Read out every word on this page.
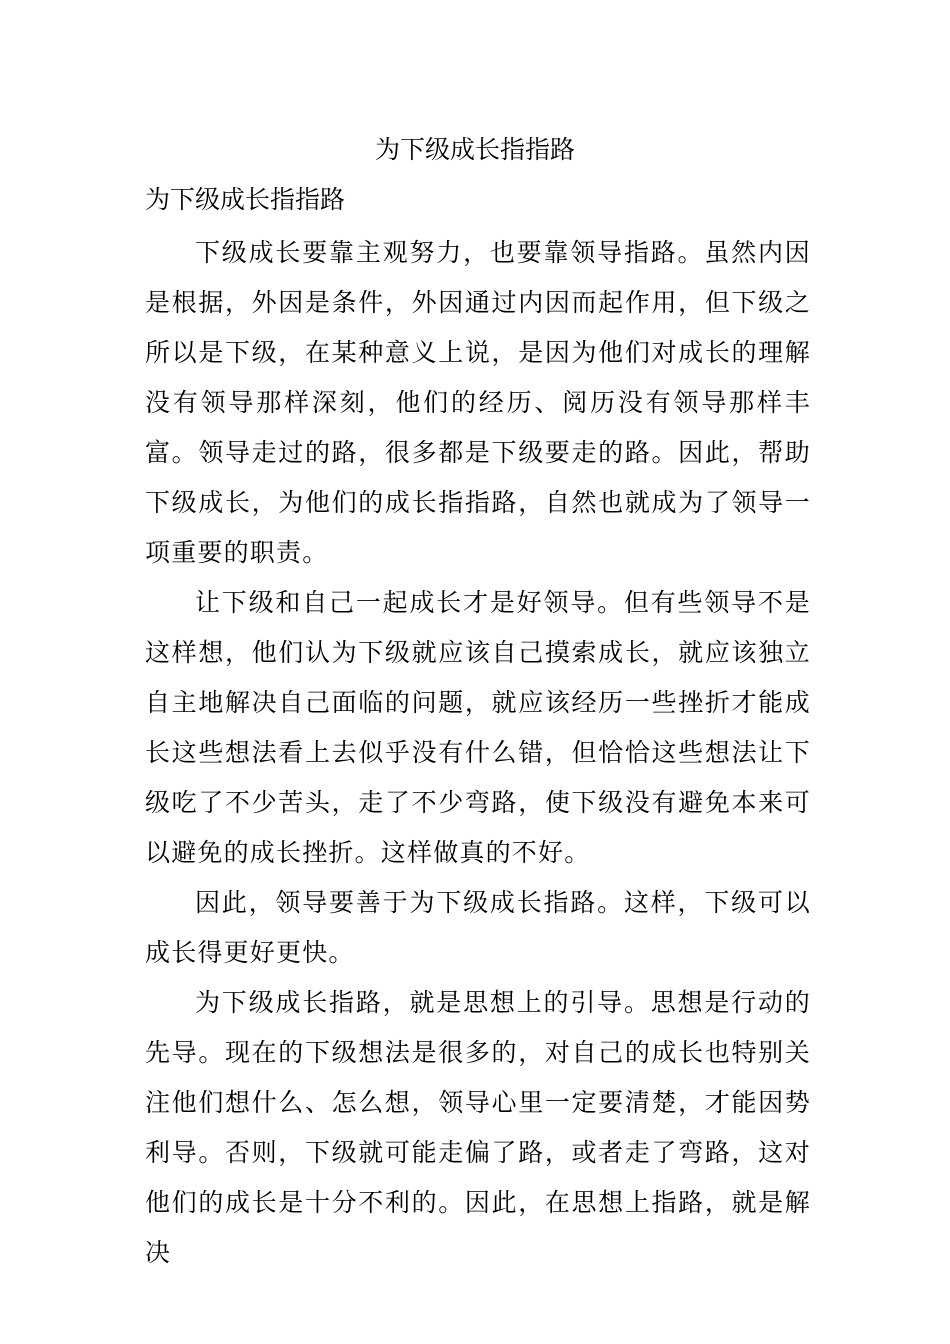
为下级成长指指路

为下级成长指指路

下级成长要靠主观努力，也要靠领导指路。虽然内因是根据，外因是条件，外因通过内因而起作用，但下级之所以是下级，在某种意义上说，是因为他们对成长的理解没有领导那样深刻，他们的经历、阅历没有领导那样丰富。领导走过的路，很多都是下级要走的路。因此，帮助下级成长，为他们的成长指指路，自然也就成为了领导一项重要的职责。

让下级和自己一起成长才是好领导。但有些领导不是这样想，他们认为下级就应该自己摸索成长，就应该独立自主地解决自己面临的问题，就应该经历一些挫折才能成长这些想法看上去似乎没有什么错，但恰恰这些想法让下级吃了不少苦头，走了不少弯路，使下级没有避免本来可以避免的成长挫折。这样做真的不好。

因此，领导要善于为下级成长指路。这样，下级可以成长得更好更快。

为下级成长指路，就是思想上的引导。思想是行动的先导。现在的下级想法是很多的，对自己的成长也特别关注他们想什么、怎么想，领导心里一定要清楚，才能因势利导。否则，下级就可能走偏了路，或者走了弯路，这对他们的成长是十分不利的。因此，在思想上指路，就是解决
